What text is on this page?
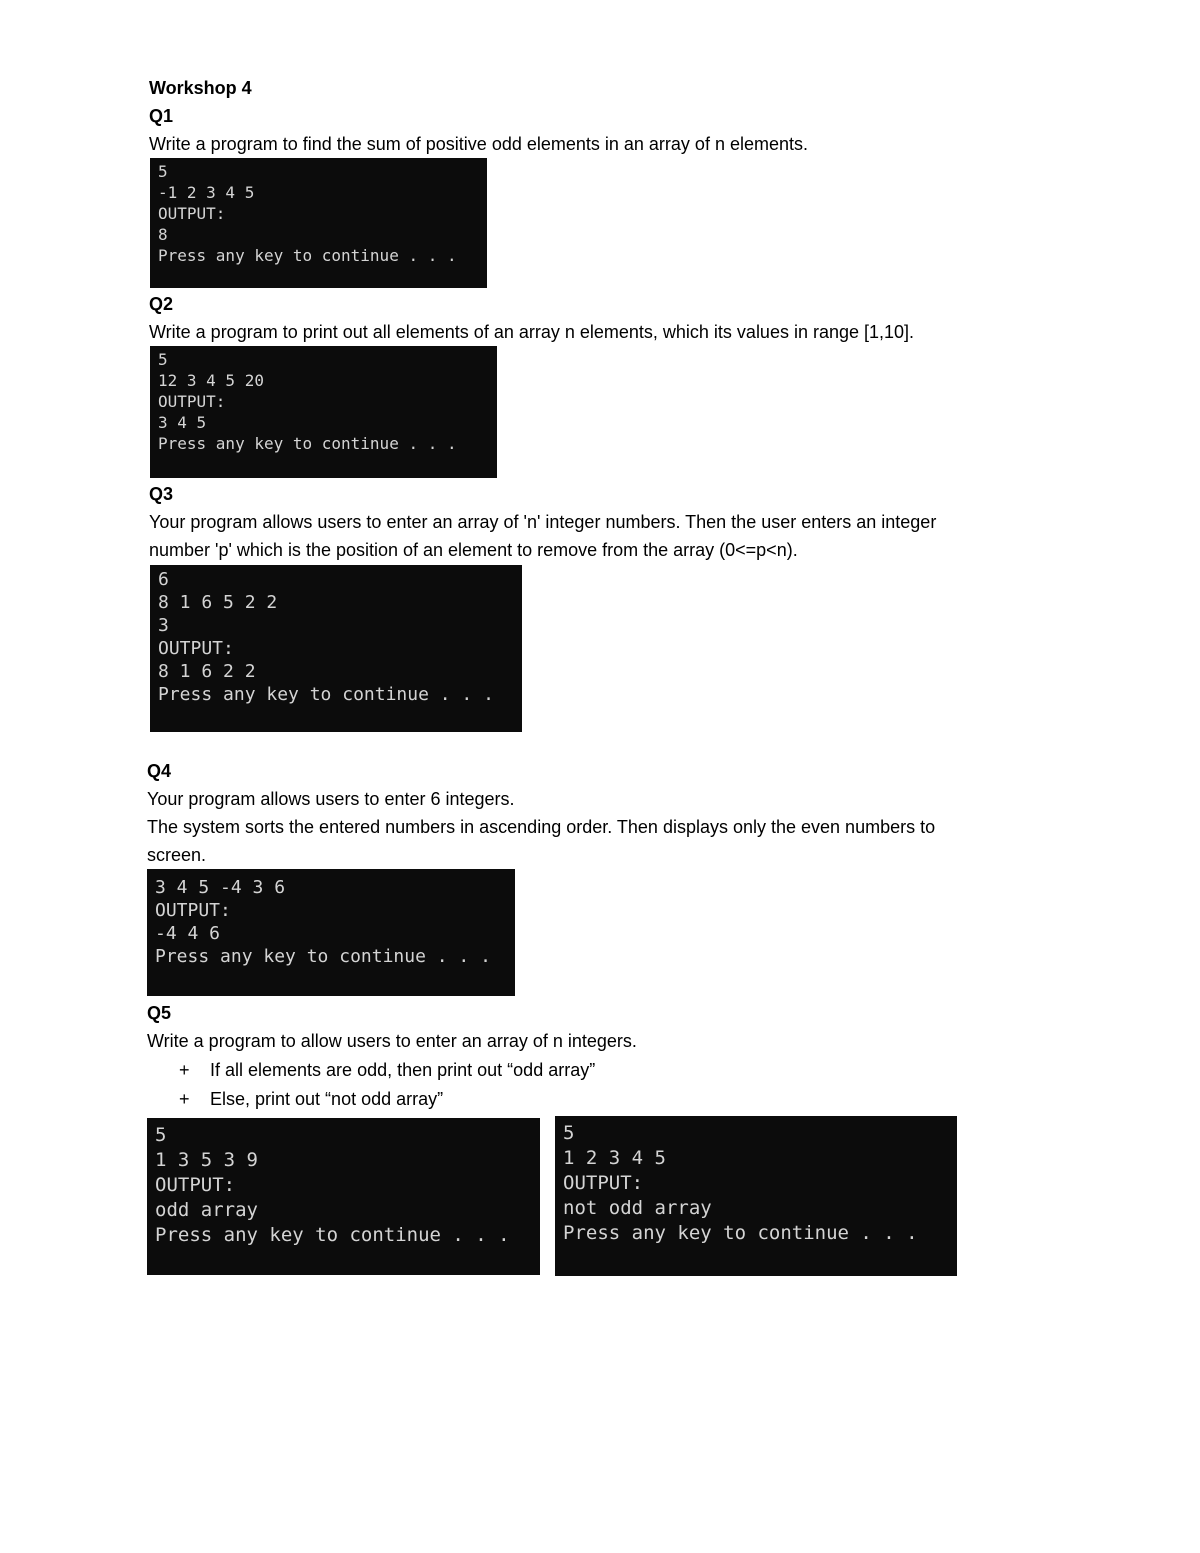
Workshop 4

Q1

Write a program to find the sum of positive odd elements in an array of n elements.

5
-1 2 3 4 5
OUTPUT:
8
Press any key to continue . . .

Q2

Write a program to print out all elements of an array n elements, which its values in range [1,10].

5
12 3 4 5 20
OUTPUT:
3 4 5
Press any key to continue . . .

Q3

Your program allows users to enter an array of 'n' integer numbers. Then the user enters an integer

number 'p' which is the position of an element to remove from the array (0<=p<n).

6
8 1 6 5 2 2
3
OUTPUT:
8 1 6 2 2
Press any key to continue . . .

Q4

Your program allows users to enter 6 integers.

The system sorts the entered numbers in ascending order. Then displays only the even numbers to

screen.

3 4 5 -4 3 6
OUTPUT:
-4 4 6
Press any key to continue . . .

Q5

Write a program to allow users to enter an array of n integers.

+ If all elements are odd, then print out “odd array”

+ Else, print out “not odd array”

5
1 3 5 3 9
OUTPUT:
odd array
Press any key to continue . . .
5
1 2 3 4 5
OUTPUT:
not odd array
Press any key to continue . . .
